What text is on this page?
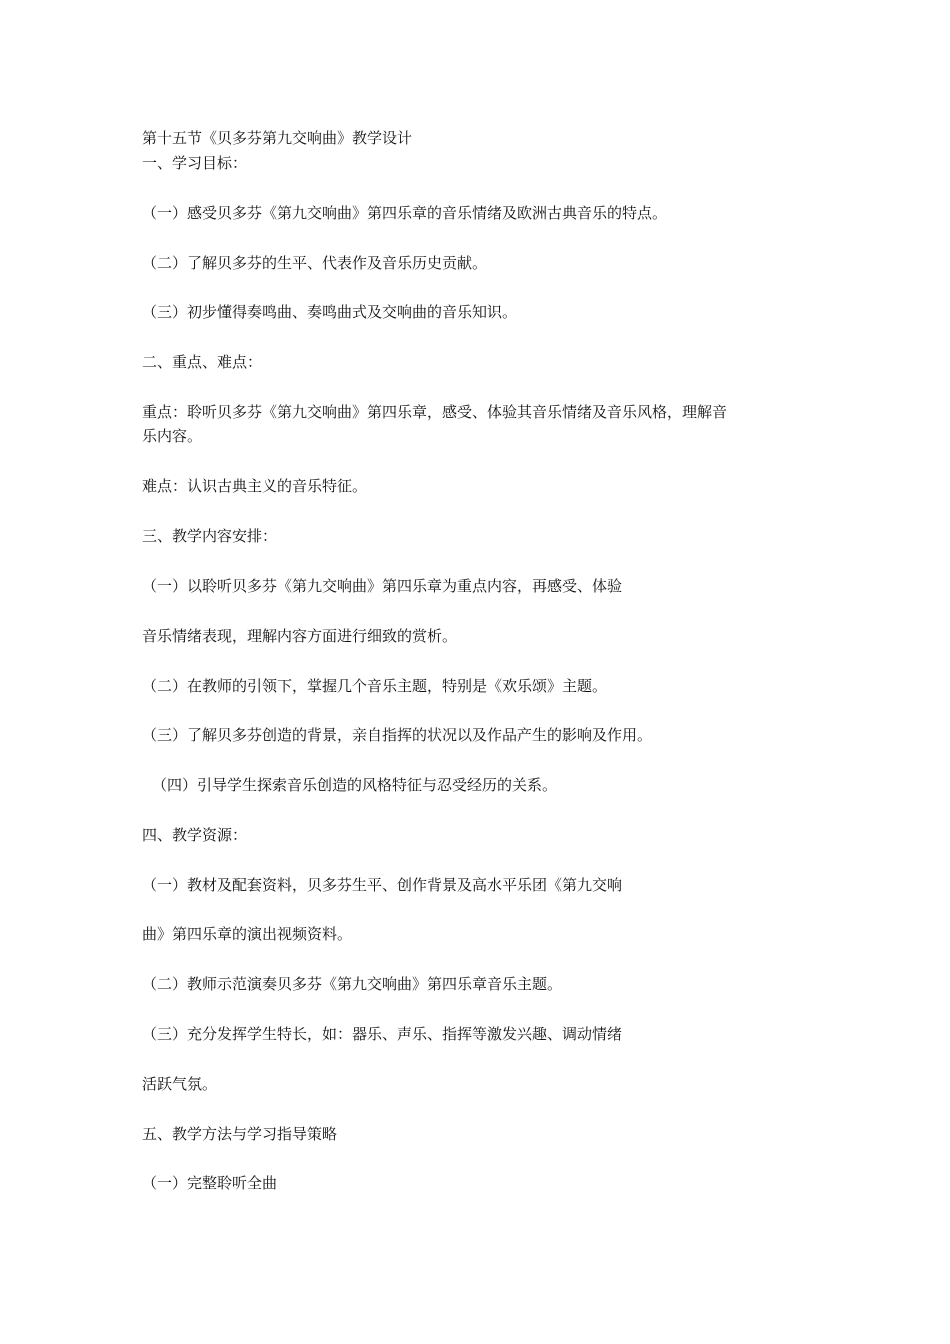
第十五节《贝多芬第九交响曲》教学设计

一、学习目标：

（一）感受贝多芬《第九交响曲》第四乐章的音乐情绪及欧洲古典音乐的特点。

（二）了解贝多芬的生平、代表作及音乐历史贡献。

（三）初步懂得奏鸣曲、奏鸣曲式及交响曲的音乐知识。

二、重点、难点：

重点：聆听贝多芬《第九交响曲》第四乐章，感受、体验其音乐情绪及音乐风格，理解音

乐内容。

难点：认识古典主义的音乐特征。

三、教学内容安排：

（一）以聆听贝多芬《第九交响曲》第四乐章为重点内容，再感受、体验

音乐情绪表现，理解内容方面进行细致的赏析。

（二）在教师的引领下，掌握几个音乐主题，特别是《欢乐颂》主题。

（三）了解贝多芬创造的背景，亲自指挥的状况以及作品产生的影响及作用。

（四）引导学生探索音乐创造的风格特征与忍受经历的关系。

四、教学资源：

（一）教材及配套资料，贝多芬生平、创作背景及高水平乐团《第九交响

曲》第四乐章的演出视频资料。

（二）教师示范演奏贝多芬《第九交响曲》第四乐章音乐主题。

（三）充分发挥学生特长，如：器乐、声乐、指挥等激发兴趣、调动情绪

活跃气氛。

五、教学方法与学习指导策略

（一）完整聆听全曲
